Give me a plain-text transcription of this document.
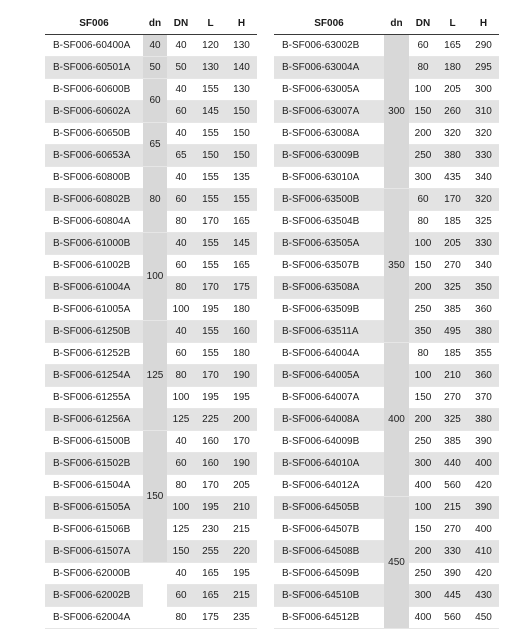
SF006	dn	DN	L	H
B-SF006-60400A	40	40	120	130
B-SF006-60501A	50	50	130	140
B-SF006-60600B	60	40	155	130
B-SF006-60602A		60	145	150
B-SF006-60650B	65	40	155	150
B-SF006-60653A		65	150	150
B-SF006-60800B	80	40	155	135
B-SF006-60802B		60	155	155
B-SF006-60804A		80	170	165
B-SF006-61000B	100	40	155	145
B-SF006-61002B		60	155	165
B-SF006-61004A		80	170	175
B-SF006-61005A		100	195	180
B-SF006-61250B	125	40	155	160
B-SF006-61252B		60	155	180
B-SF006-61254A		80	170	190
B-SF006-61255A		100	195	195
B-SF006-61256A		125	225	200
B-SF006-61500B	150	40	160	170
B-SF006-61502B		60	160	190
B-SF006-61504A		80	170	205
B-SF006-61505A		100	195	210
B-SF006-61506B		125	230	215
B-SF006-61507A		150	255	220
B-SF006-62000B		40	165	195
B-SF006-62002B		60	165	215
B-SF006-62004A		80	175	235
SF006	dn	DN	L	H
B-SF006-63002B	300	60	165	290
B-SF006-63004A		80	180	295
B-SF006-63005A		100	205	300
B-SF006-63007A		150	260	310
B-SF006-63008A		200	320	320
B-SF006-63009B		250	380	330
B-SF006-63010A		300	435	340
B-SF006-63500B	350	60	170	320
B-SF006-63504B		80	185	325
B-SF006-63505A		100	205	330
B-SF006-63507B		150	270	340
B-SF006-63508A		200	325	350
B-SF006-63509B		250	385	360
B-SF006-63511A		350	495	380
B-SF006-64004A	400	80	185	355
B-SF006-64005A		100	210	360
B-SF006-64007A		150	270	370
B-SF006-64008A		200	325	380
B-SF006-64009B		250	385	390
B-SF006-64010A		300	440	400
B-SF006-64012A		400	560	420
B-SF006-64505B	450	100	215	390
B-SF006-64507B		150	270	400
B-SF006-64508B		200	330	410
B-SF006-64509B		250	390	420
B-SF006-64510B		300	445	430
B-SF006-64512B		400	560	450
